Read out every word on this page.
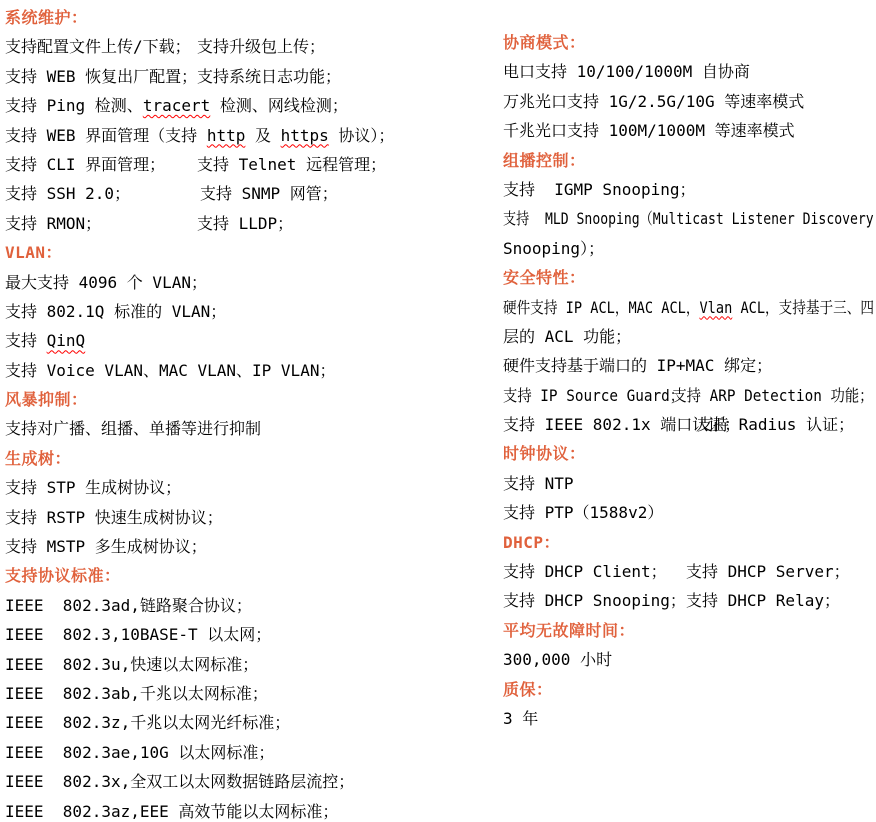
系统维护：
支持配置文件上传/下载； 支持升级包上传；
支持 WEB 恢复出厂配置； 支持系统日志功能；
支持 Ping 检测、tracert 检测、网线检测；
支持 WEB 界面管理（支持 http 及 https 协议）；
支持 CLI 界面管理； 支持 Telnet 远程管理；
支持 SSH 2.0；	支持 SNMP 网管；
支持 RMON；	支持 LLDP；
VLAN：
最大支持 4096 个 VLAN；
支持 802.1Q 标准的 VLAN；
支持 QinQ
支持 Voice VLAN、MAC VLAN、IP VLAN；
风暴抑制：
支持对广播、组播、单播等进行抑制
生成树：
支持 STP 生成树协议；
支持 RSTP 快速生成树协议；
支持 MSTP 多生成树协议；
支持协议标准：
IEEE  802.3ad,链路聚合协议；
IEEE  802.3,10BASE-T 以太网；
IEEE  802.3u,快速以太网标准；
IEEE  802.3ab,千兆以太网标准；
IEEE  802.3z,千兆以太网光纤标准；
IEEE  802.3ae,10G 以太网标准；
IEEE  802.3x,全双工以太网数据链路层流控；
IEEE  802.3az,EEE 高效节能以太网标准；
协商模式：
电口支持 10/100/1000M 自协商
万兆光口支持 1G/2.5G/10G 等速率模式
千兆光口支持 100M/1000M 等速率模式
组播控制：
支持  IGMP Snooping；
支持  MLD Snooping（Multicast Listener Discovery
Snooping）；
安全特性：
硬件支持 IP ACL，MAC ACL，Vlan ACL，支持基于三、四
层的 ACL 功能；
硬件支持基于端口的 IP+MAC 绑定；
支持 IP Source Guard；
支持 ARP Detection 功能；
支持 IEEE 802.1x 端口认证；
支持 Radius 认证；
时钟协议：
支持 NTP
支持 PTP（1588v2）
DHCP：
支持 DHCP Client； 支持 DHCP Server；
支持 DHCP Snooping； 支持 DHCP Relay；
平均无故障时间：
300,000 小时
质保：
3 年
